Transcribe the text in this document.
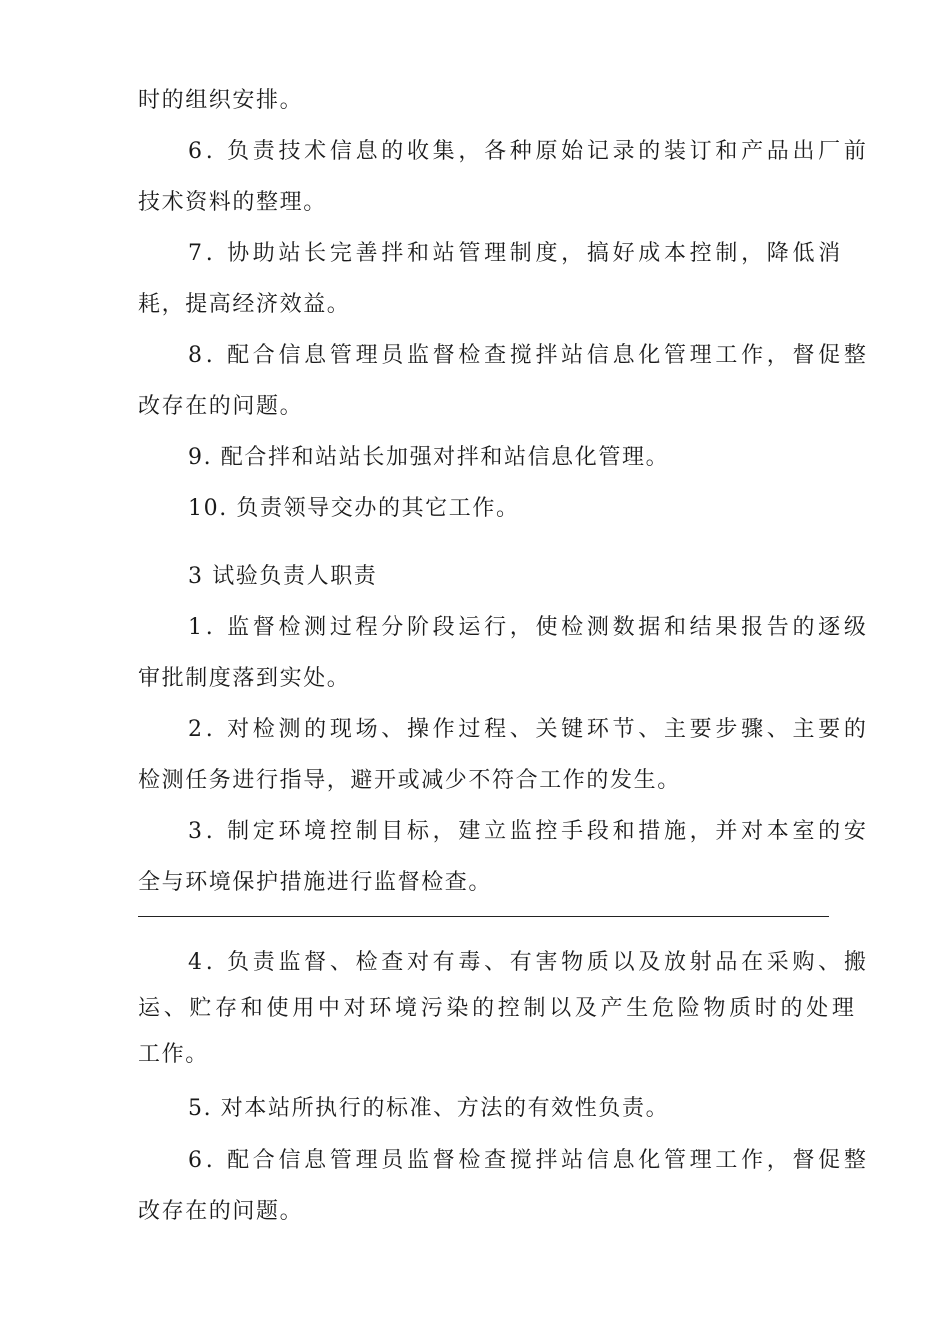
时的组织安排。
6. 负责技术信息的收集，各种原始记录的装订和产品出厂前
技术资料的整理。
7. 协助站长完善拌和站管理制度，搞好成本控制，降低消
耗，提高经济效益。
8. 配合信息管理员监督检查搅拌站信息化管理工作，督促整
改存在的问题。
9. 配合拌和站站长加强对拌和站信息化管理。
10. 负责领导交办的其它工作。
3 试验负责人职责
1. 监督检测过程分阶段运行，使检测数据和结果报告的逐级
审批制度落到实处。
2. 对检测的现场、操作过程、关键环节、主要步骤、主要的
检测任务进行指导，避开或减少不符合工作的发生。
3. 制定环境控制目标，建立监控手段和措施，并对本室的安
全与环境保护措施进行监督检查。
4. 负责监督、检查对有毒、有害物质以及放射品在采购、搬
运、贮存和使用中对环境污染的控制以及产生危险物质时的处理
工作。
5. 对本站所执行的标准、方法的有效性负责。
6. 配合信息管理员监督检查搅拌站信息化管理工作，督促整
改存在的问题。
